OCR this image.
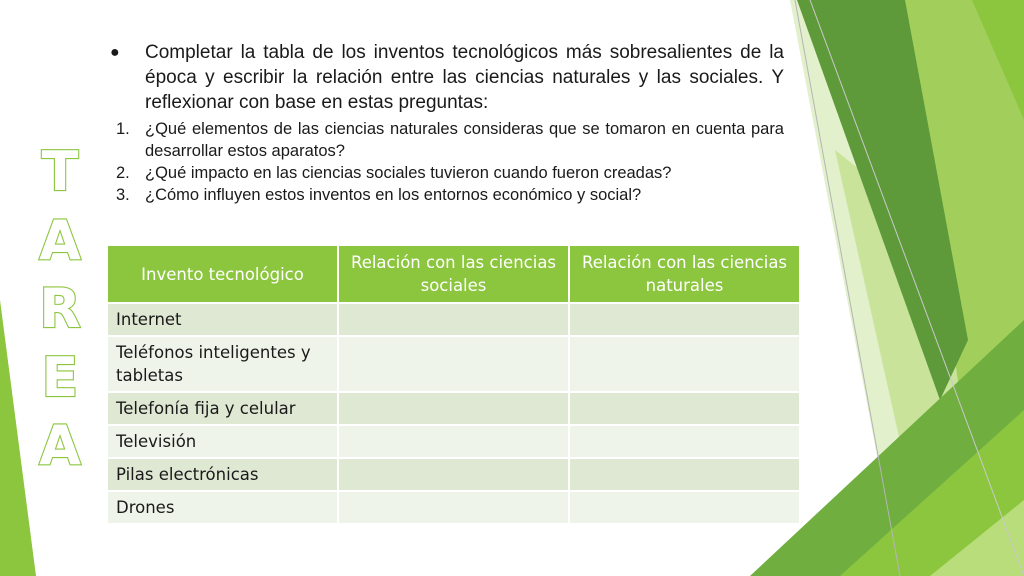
T
A
R
E
A
● Completar la tabla de los inventos tecnológicos más sobresalientes de la época y escribir la relación entre las ciencias naturales y las sociales. Y reflexionar con base en estas preguntas:
1. ¿Qué elementos de las ciencias naturales consideras que se tomaron en cuenta para desarrollar estos aparatos?
2. ¿Qué impacto en las ciencias sociales tuvieron cuando fueron creadas?
3. ¿Cómo influyen estos inventos en los entornos económico y social?
Invento tecnológico	Relación con las ciencias sociales	Relación con las ciencias naturales
Internet		
Teléfonos inteligentes y tabletas		
Telefonía fija y celular		
Televisión		
Pilas electrónicas		
Drones		
